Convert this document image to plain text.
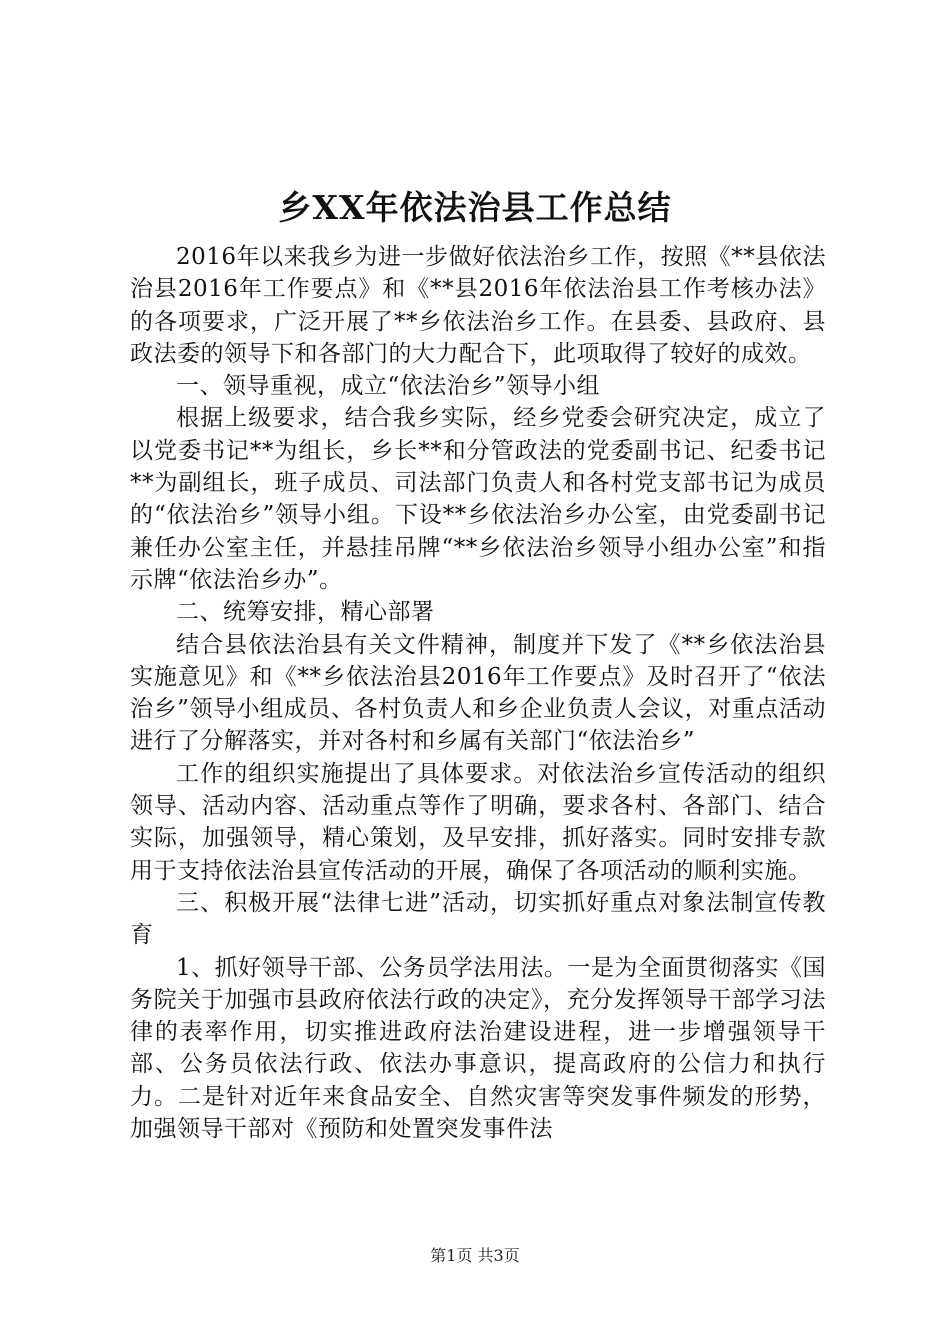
乡XX年依法治县工作总结

2016年以来我乡为进一步做好依法治乡工作，按照《**县依法治县2016年工作要点》和《**县2016年依法治县工作考核办法》的各项要求，广泛开展了**乡依法治乡工作。在县委、县政府、县政法委的领导下和各部门的大力配合下，此项取得了较好的成效。

一、领导重视，成立“依法治乡”领导小组

根据上级要求，结合我乡实际，经乡党委会研究决定，成立了以党委书记**为组长，乡长**和分管政法的党委副书记、纪委书记**为副组长，班子成员、司法部门负责人和各村党支部书记为成员的“依法治乡”领导小组。下设**乡依法治乡办公室，由党委副书记兼任办公室主任，并悬挂吊牌“**乡依法治乡领导小组办公室”和指示牌“依法治乡办”。

二、统筹安排，精心部署

结合县依法治县有关文件精神，制度并下发了《**乡依法治县实施意见》和《**乡依法治县2016年工作要点》及时召开了“依法治乡”领导小组成员、各村负责人和乡企业负责人会议，对重点活动进行了分解落实，并对各村和乡属有关部门“依法治乡”

工作的组织实施提出了具体要求。对依法治乡宣传活动的组织领导、活动内容、活动重点等作了明确，要求各村、各部门、结合实际，加强领导，精心策划，及早安排，抓好落实。同时安排专款用于支持依法治县宣传活动的开展，确保了各项活动的顺利实施。

三、积极开展“法律七进”活动，切实抓好重点对象法制宣传教育

1、抓好领导干部、公务员学法用法。一是为全面贯彻落实《国务院关于加强市县政府依法行政的决定》，充分发挥领导干部学习法律的表率作用，切实推进政府法治建设进程，进一步增强领导干部、公务员依法行政、依法办事意识，提高政府的公信力和执行力。二是针对近年来食品安全、自然灾害等突发事件频发的形势，加强领导干部对《预防和处置突发事件法

第1页 共3页
